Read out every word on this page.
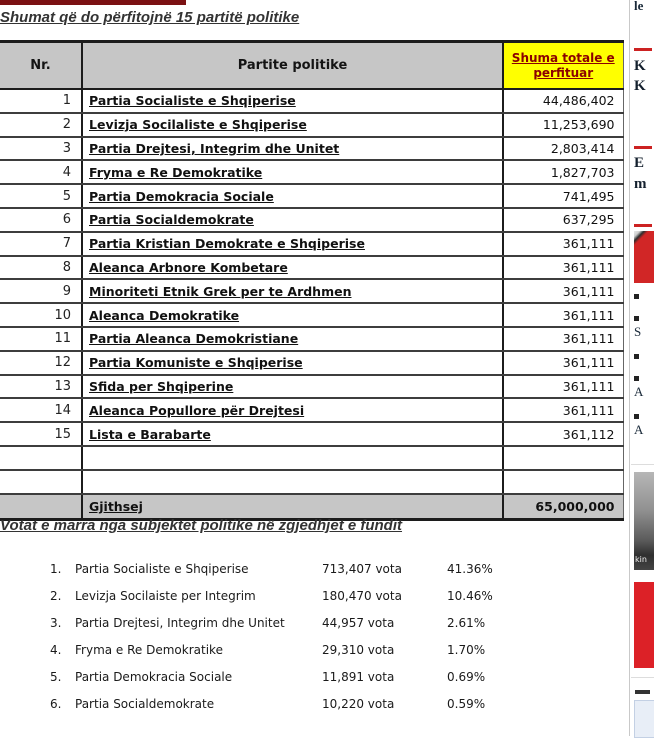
Shumat që do përfitojnë 15 partitë politike
Nr.	Partite politike	Shuma totale e perfituar
1	Partia Socialiste e Shqiperise	44,486,402
2	Levizja Socilaliste e Shqiperise	11,253,690
3	Partia Drejtesi, Integrim dhe Unitet	2,803,414
4	Fryma e Re Demokratike	1,827,703
5	Partia Demokracia Sociale	741,495
6	Partia Socialdemokrate	637,295
7	Partia Kristian Demokrate e Shqiperise	361,111
8	Aleanca Arbnore Kombetare	361,111
9	Minoriteti Etnik Grek per te Ardhmen	361,111
10	Aleanca Demokratike	361,111
11	Partia Aleanca Demokristiane	361,111
12	Partia Komuniste e Shqiperise	361,111
13	Sfida per Shqiperine	361,111
14	Aleanca Popullore për Drejtesi	361,111
15	Lista e Barabarte	361,112

	Gjithsej	65,000,000
Votat e marra nga subjektet politike në zgjedhjet e fundit
1. Partia Socialiste e Shqiperise	713,407 vota	41.36%
2. Levizja Socilaiste per Integrim	180,470 vota	10.46%
3. Partia Drejtesi, Integrim dhe Unitet	44,957 vota	2.61%
4. Fryma e Re Demokratike	29,310 vota	1.70%
5. Partia Demokracia Sociale	11,891 vota	0.69%
6. Partia Socialdemokrate	10,220 vota	0.59%
le
K
K
E
m
S
A
A
kin
